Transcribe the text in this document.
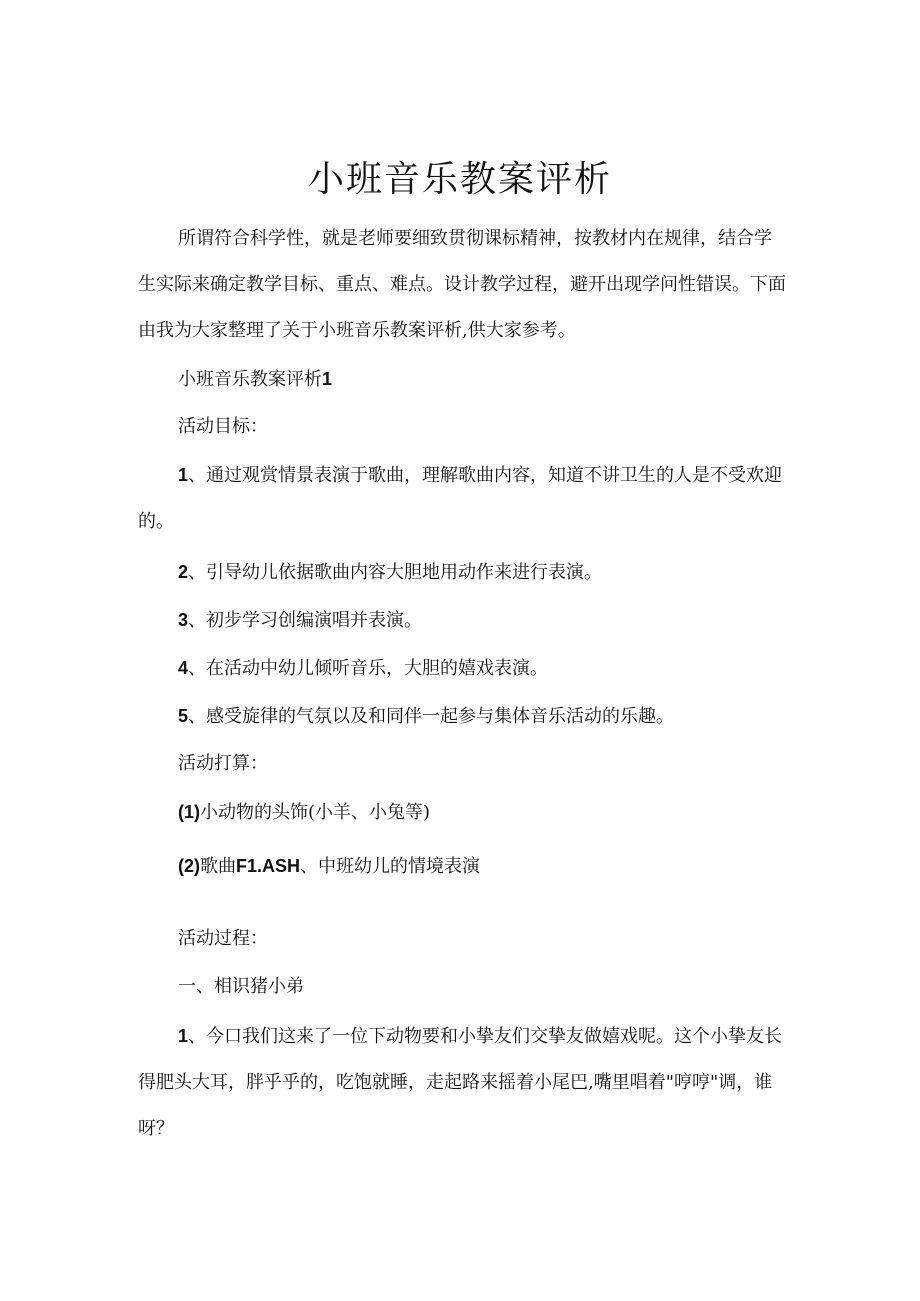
小班音乐教案评析

所谓符合科学性，就是老师要细致贯彻课标精神，按教材内在规律，结合学生实际来确定教学目标、重点、难点。设计教学过程，避开出现学问性错误。下面由我为大家整理了关于小班音乐教案评析,供大家参考。

小班音乐教案评析1

活动目标：

1、通过观赏情景表演于歌曲，理解歌曲内容，知道不讲卫生的人是不受欢迎的。

2、引导幼儿依据歌曲内容大胆地用动作来进行表演。

3、初步学习创编演唱并表演。

4、在活动中幼儿倾听音乐，大胆的嬉戏表演。

5、感受旋律的气氛以及和同伴一起参与集体音乐活动的乐趣。

活动打算：

(1)小动物的头饰(小羊、小兔等)

(2)歌曲F1.ASH、中班幼儿的情境表演

活动过程：

一、相识猪小弟

1、今口我们这来了一位下动物要和小挚友们交挚友做嬉戏呢。这个小挚友长得肥头大耳，胖乎乎的，吃饱就睡，走起路来摇着小尾巴,嘴里唱着"哼哼"调，谁呀？
